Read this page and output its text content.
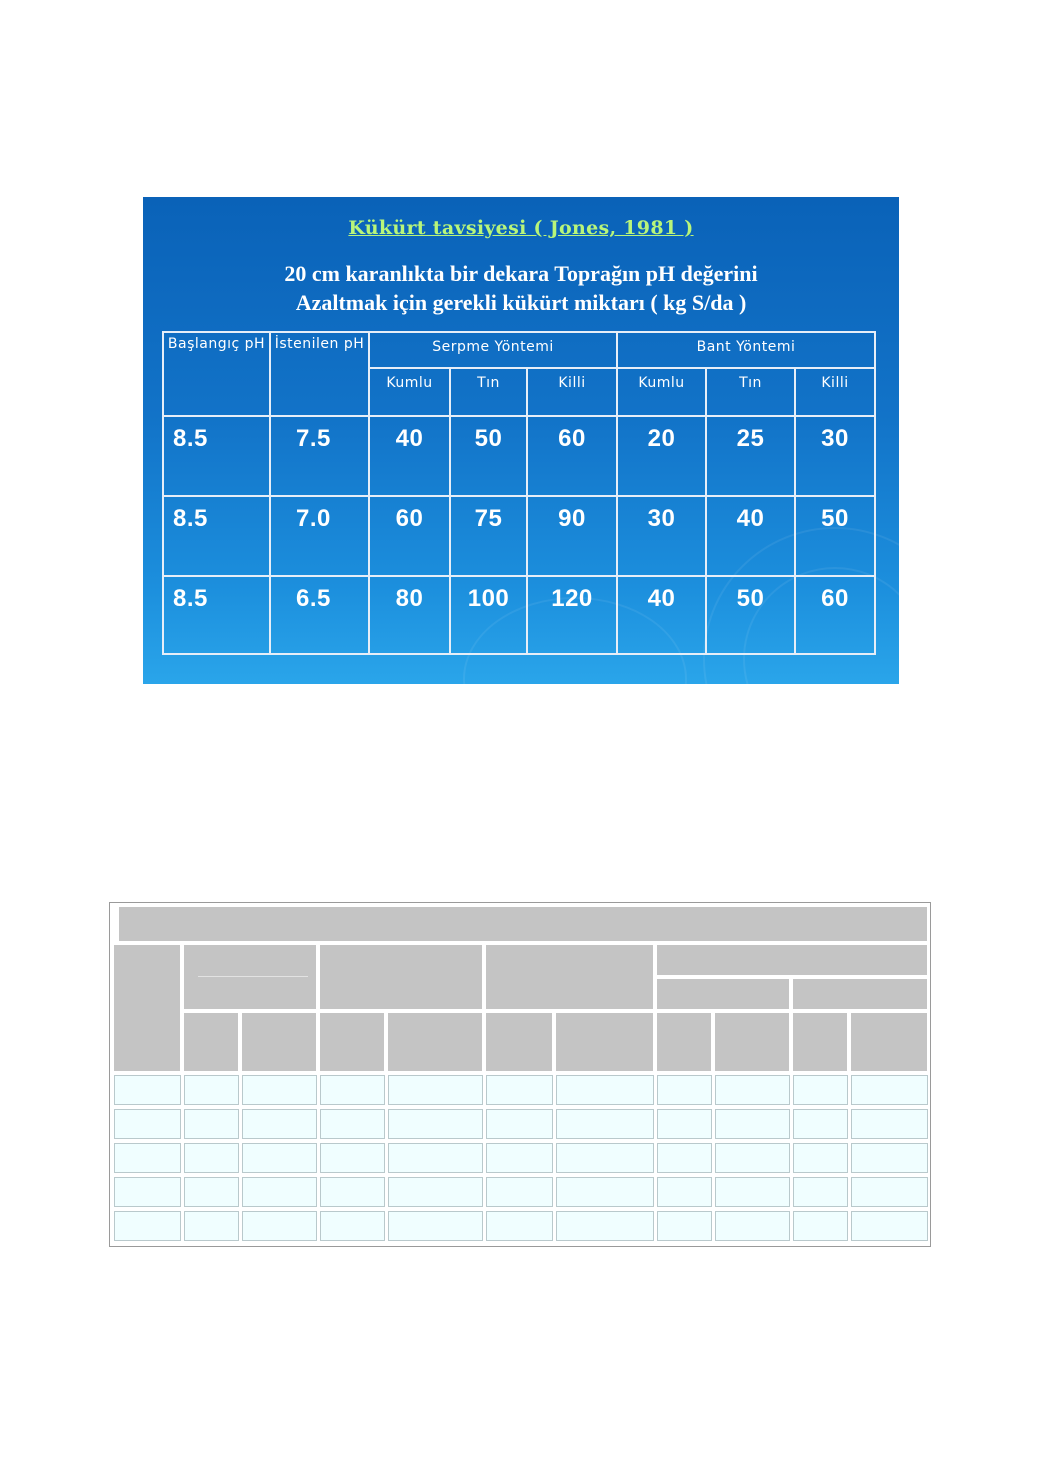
Kükürt tavsiyesi ( Jones, 1981 )
20 cm karanlıkta bir dekara Toprağın pH değerini
Azaltmak için gerekli kükürt miktarı ( kg S/da )
Başlangıç pH	İstenilen pH	Serpme Yöntemi			Bant Yöntemi		
		Kumlu	Tın	Killi	Kumlu	Tın	Killi
8.5	7.5	40	50	60	20	25	30
8.5	7.0	60	75	90	30	40	50
8.5	6.5	80	100	120	40	50	60
